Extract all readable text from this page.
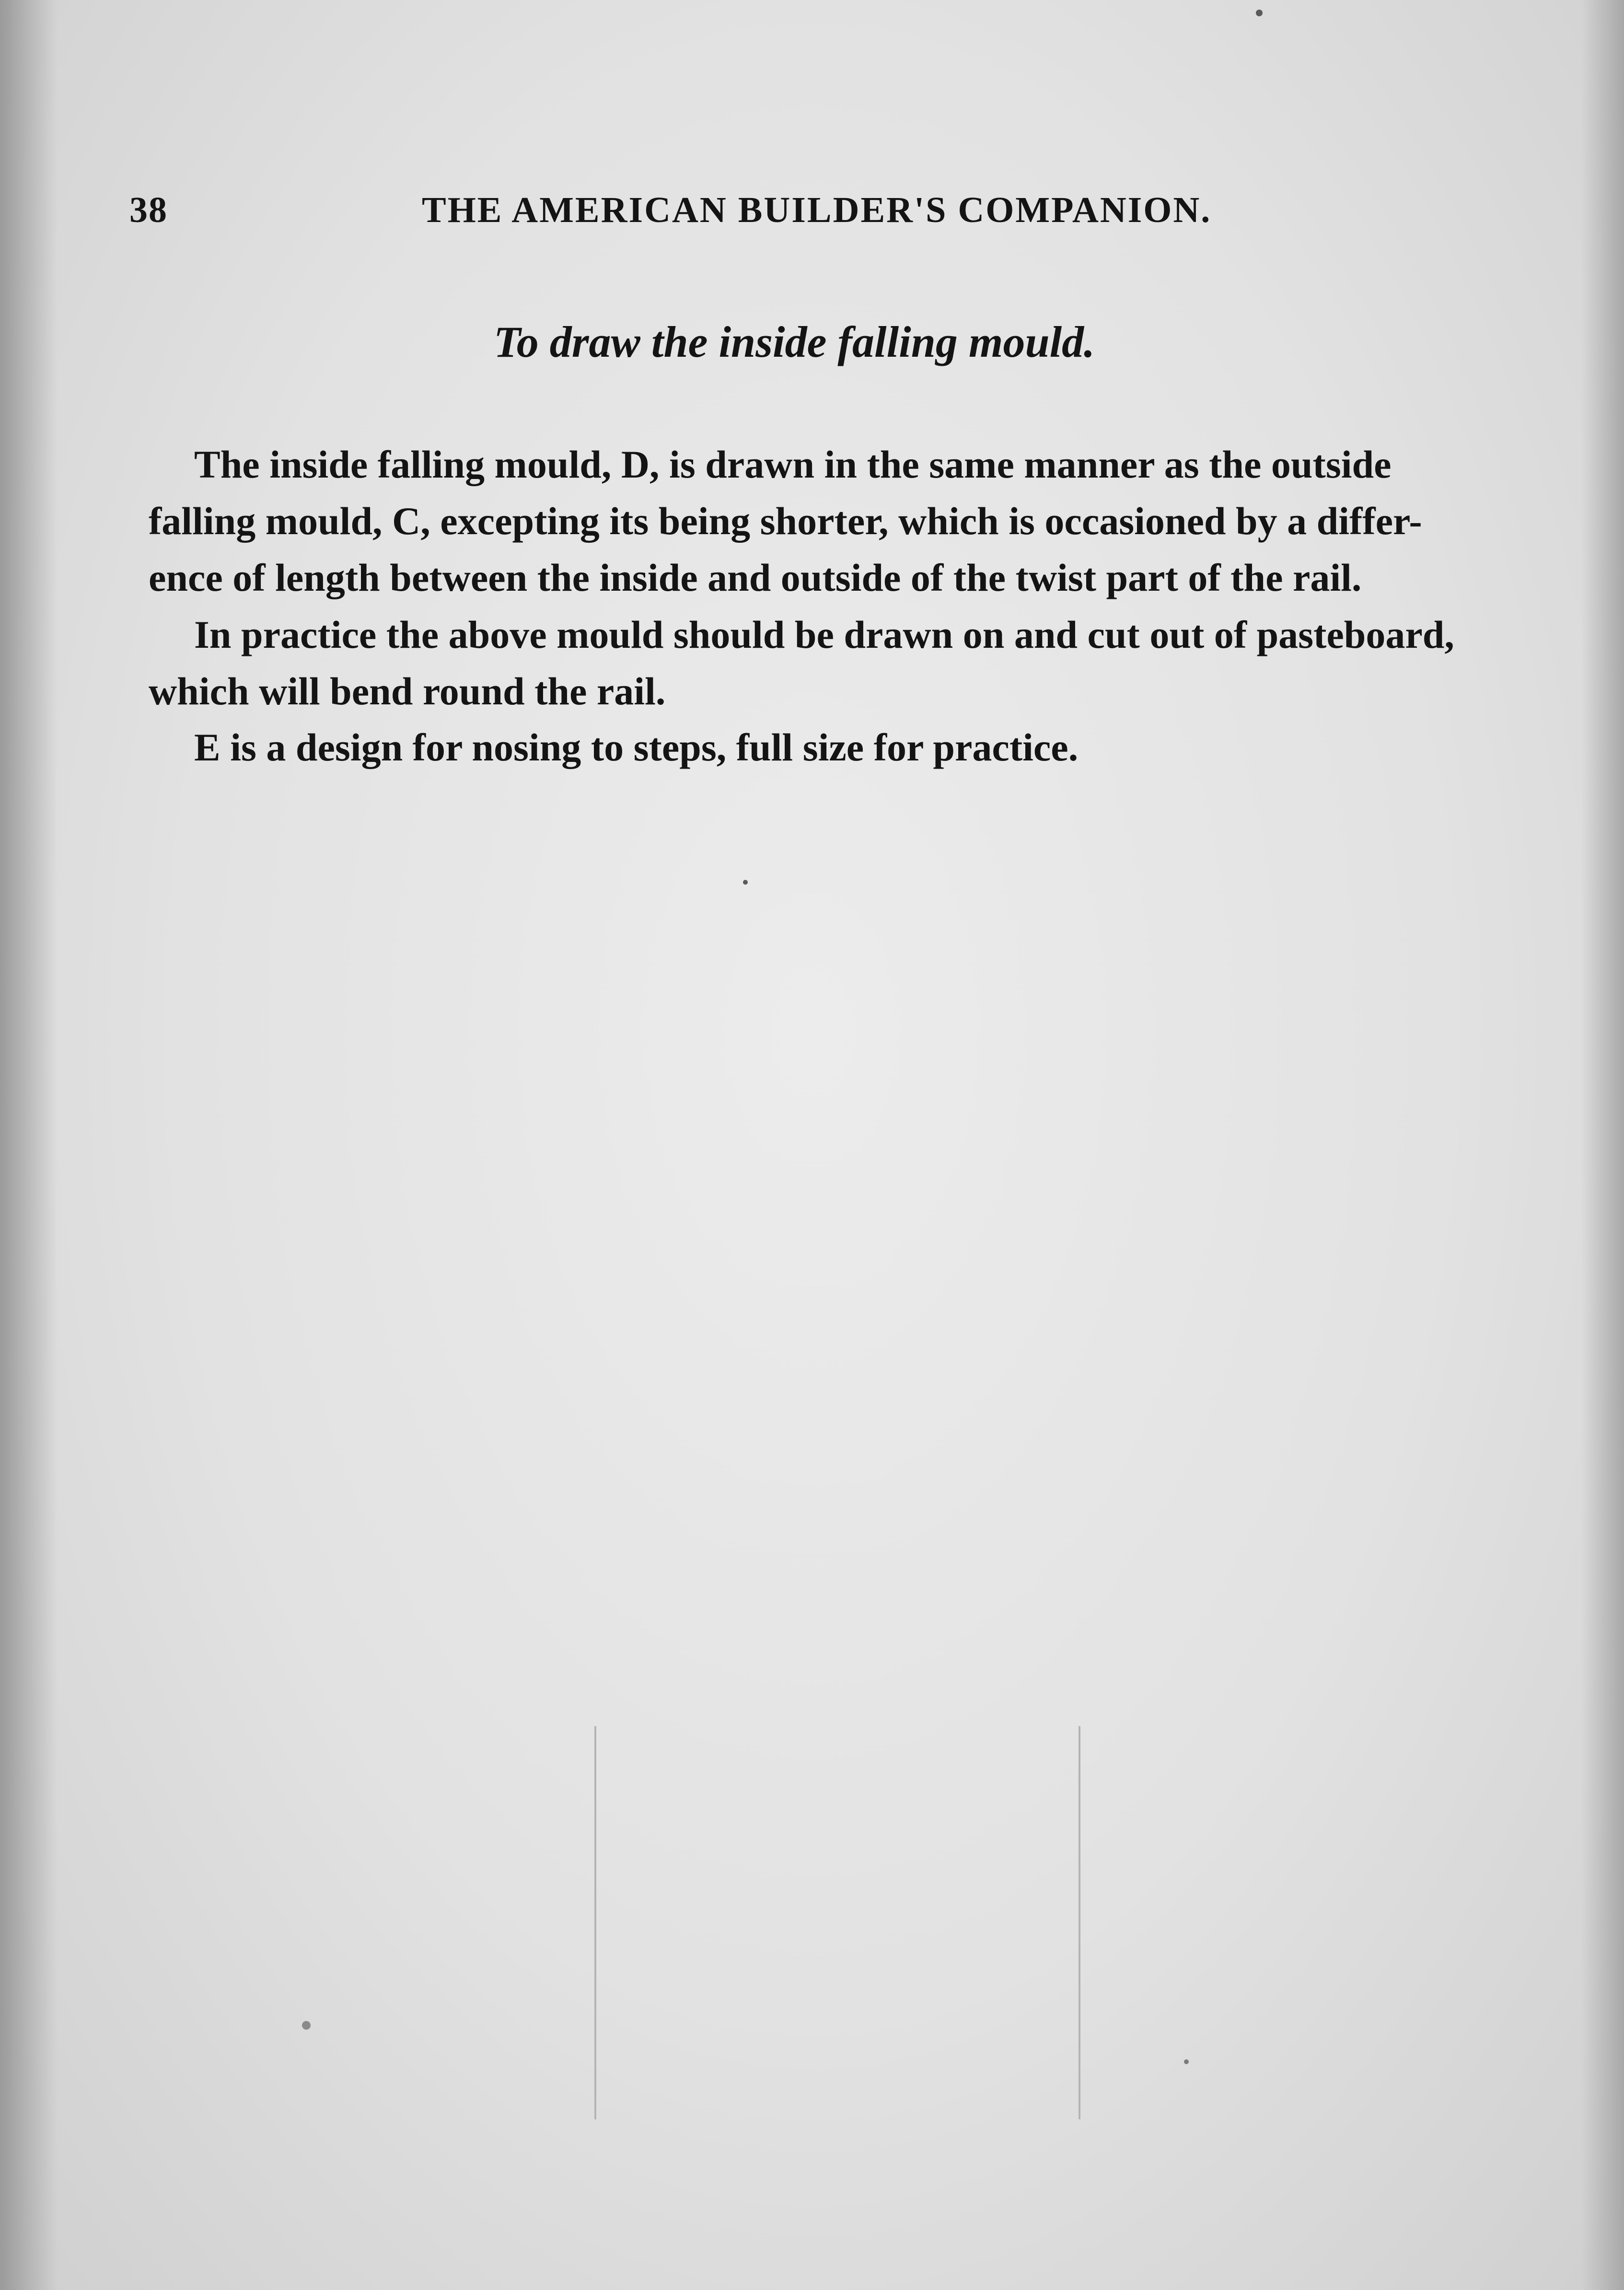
38	THE AMERICAN BUILDER'S COMPANION.
To draw the inside falling mould.
The inside falling mould, D, is drawn in the same manner as the outside
falling mould, C, excepting its being shorter, which is occasioned by a differ-
ence of length between the inside and outside of the twist part of the rail.
In practice the above mould should be drawn on and cut out of pasteboard,
which will bend round the rail.
E is a design for nosing to steps, full size for practice.
